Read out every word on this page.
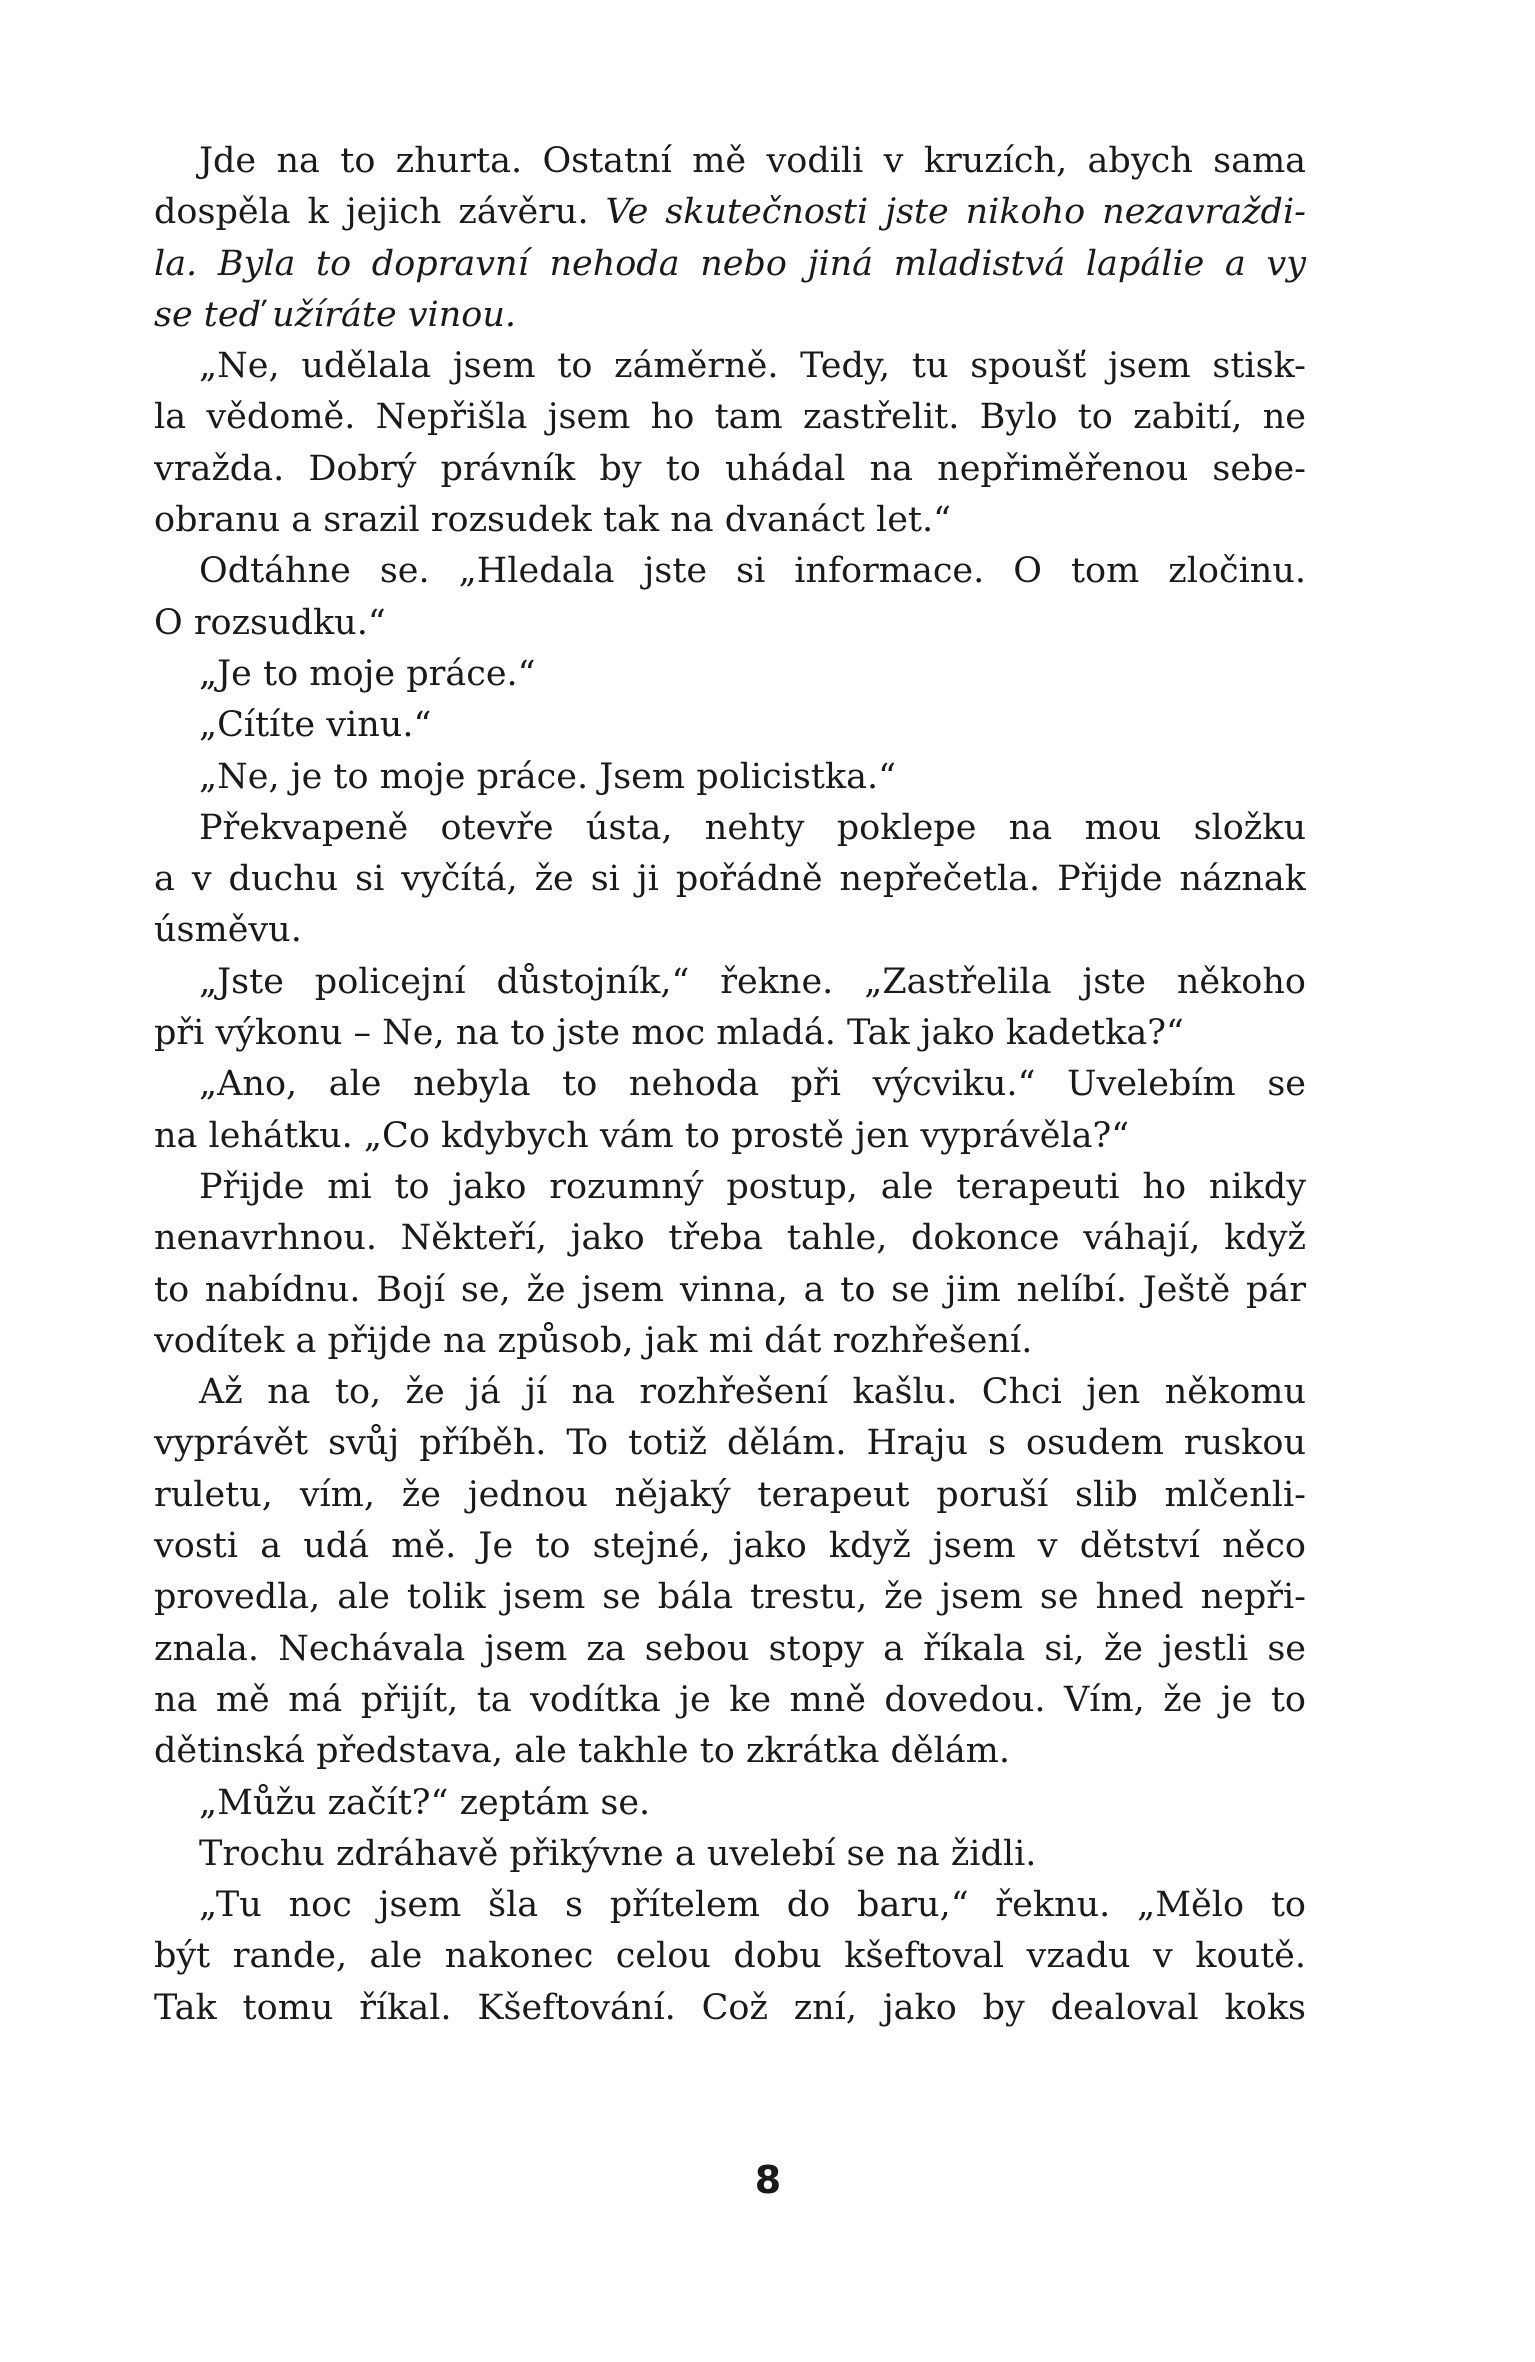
Jde na to zhurta. Ostatní mě vodili v kruzích, abych sama
dospěla k jejich závěru. Ve skutečnosti jste nikoho nezavraždi-
la. Byla to dopravní nehoda nebo jiná mladistvá lapálie a vy
se teď užíráte vinou.
„Ne, udělala jsem to záměrně. Tedy, tu spoušť jsem stisk-
la vědomě. Nepřišla jsem ho tam zastřelit. Bylo to zabití, ne
vražda. Dobrý právník by to uhádal na nepřiměřenou sebe-
obranu a srazil rozsudek tak na dvanáct let.“
Odtáhne se. „Hledala jste si informace. O tom zločinu.
O rozsudku.“
„Je to moje práce.“
„Cítíte vinu.“
„Ne, je to moje práce. Jsem policistka.“
Překvapeně otevře ústa, nehty poklepe na mou složku
a v duchu si vyčítá, že si ji pořádně nepřečetla. Přijde náznak
úsměvu.
„Jste policejní důstojník,“ řekne. „Zastřelila jste někoho
při výkonu – Ne, na to jste moc mladá. Tak jako kadetka?“
„Ano, ale nebyla to nehoda při výcviku.“ Uvelebím se
na lehátku. „Co kdybych vám to prostě jen vyprávěla?“
Přijde mi to jako rozumný postup, ale terapeuti ho nikdy
nenavrhnou. Někteří, jako třeba tahle, dokonce váhají, když
to nabídnu. Bojí se, že jsem vinna, a to se jim nelíbí. Ještě pár
vodítek a přijde na způsob, jak mi dát rozhřešení.
Až na to, že já jí na rozhřešení kašlu. Chci jen někomu
vyprávět svůj příběh. To totiž dělám. Hraju s osudem ruskou
ruletu, vím, že jednou nějaký terapeut poruší slib mlčenli-
vosti a udá mě. Je to stejné, jako když jsem v dětství něco
provedla, ale tolik jsem se bála trestu, že jsem se hned nepři-
znala. Nechávala jsem za sebou stopy a říkala si, že jestli se
na mě má přijít, ta vodítka je ke mně dovedou. Vím, že je to
dětinská představa, ale takhle to zkrátka dělám.
„Můžu začít?“ zeptám se.
Trochu zdráhavě přikývne a uvelebí se na židli.
„Tu noc jsem šla s přítelem do baru,“ řeknu. „Mělo to
být rande, ale nakonec celou dobu kšeftoval vzadu v koutě.
Tak tomu říkal. Kšeftování. Což zní, jako by dealoval koks
8
